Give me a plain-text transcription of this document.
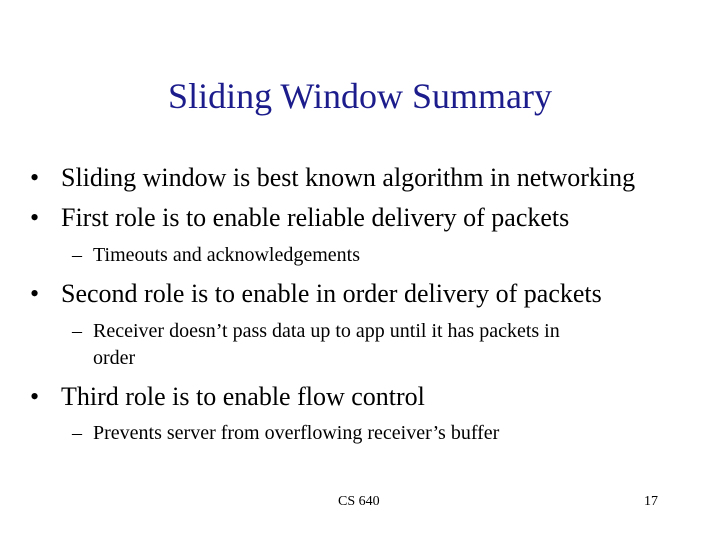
Sliding Window Summary
• Sliding window is best known algorithm in networking
• First role is to enable reliable delivery of packets
– Timeouts and acknowledgements
• Second role is to enable in order delivery of packets
– Receiver doesn’t pass data up to app until it has packets in
order
• Third role is to enable flow control
– Prevents server from overflowing receiver’s buffer
CS 640	17
